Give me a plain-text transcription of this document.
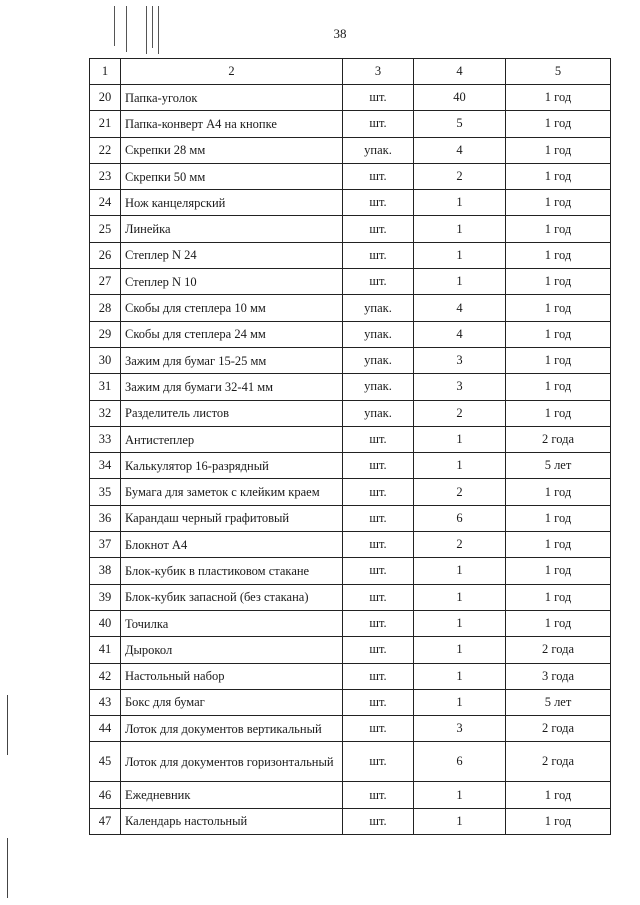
38
1	2	3	4	5
20	Папка-уголок	шт.	40	1 год
21	Папка-конверт А4 на кнопке	шт.	5	1 год
22	Скрепки 28 мм	упак.	4	1 год
23	Скрепки 50 мм	шт.	2	1 год
24	Нож канцелярский	шт.	1	1 год
25	Линейка	шт.	1	1 год
26	Степлер N 24	шт.	1	1 год
27	Степлер N 10	шт.	1	1 год
28	Скобы для степлера 10 мм	упак.	4	1 год
29	Скобы для степлера 24 мм	упак.	4	1 год
30	Зажим для бумаг 15-25 мм	упак.	3	1 год
31	Зажим для бумаги 32-41 мм	упак.	3	1 год
32	Разделитель листов	упак.	2	1 год
33	Антистеплер	шт.	1	2 года
34	Калькулятор 16-разрядный	шт.	1	5 лет
35	Бумага для заметок с клейким краем	шт.	2	1 год
36	Карандаш черный графитовый	шт.	6	1 год
37	Блокнот А4	шт.	2	1 год
38	Блок-кубик в пластиковом стакане	шт.	1	1 год
39	Блок-кубик запасной (без стакана)	шт.	1	1 год
40	Точилка	шт.	1	1 год
41	Дырокол	шт.	1	2 года
42	Настольный набор	шт.	1	3 года
43	Бокс для бумаг	шт.	1	5 лет
44	Лоток для документов вертикальный	шт.	3	2 года
45	Лоток для документов горизонтальный	шт.	6	2 года
46	Ежедневник	шт.	1	1 год
47	Календарь настольный	шт.	1	1 год
